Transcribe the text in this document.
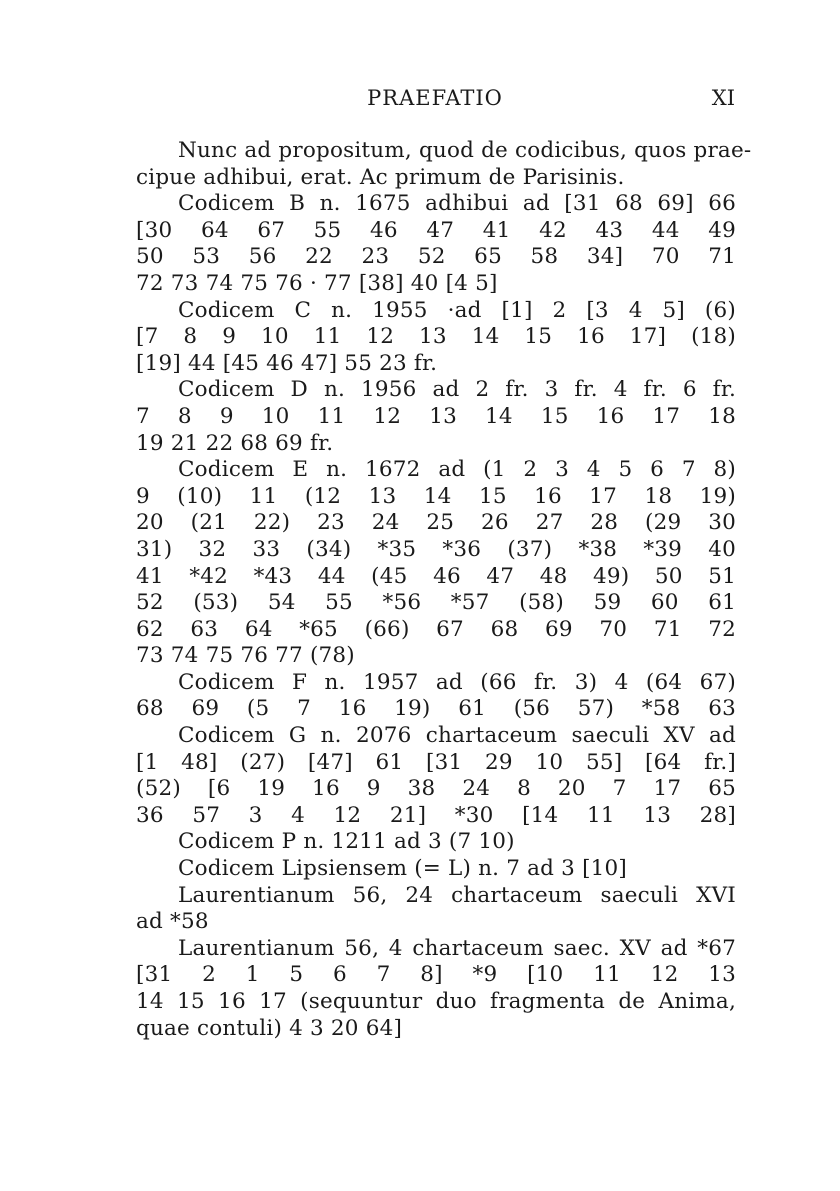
PRAEFATIO	XI
Nunc ad propositum, quod de codicibus, quos prae-
cipue adhibui, erat. Ac primum de Parisinis.
Codicem B n. 1675 adhibui ad [31 68 69] 66
[30 64 67 55 46 47 41 42 43 44 49
50 53 56 22 23 52 65 58 34] 70 71
72 73 74 75 76 · 77 [38] 40 [4 5]
Codicem C n. 1955 ·ad [1] 2 [3 4 5] (6)
[7 8 9 10 11 12 13 14 15 16 17] (18)
[19] 44 [45 46 47] 55 23 fr.
Codicem D n. 1956 ad 2 fr. 3 fr. 4 fr. 6 fr.
7 8 9 10 11 12 13 14 15 16 17 18
19 21 22 68 69 fr.
Codicem E n. 1672 ad (1 2 3 4 5 6 7 8)
9 (10) 11 (12 13 14 15 16 17 18 19)
20 (21 22) 23 24 25 26 27 28 (29 30
31) 32 33 (34) *35 *36 (37) *38 *39 40
41 *42 *43 44 (45 46 47 48 49) 50 51
52 (53) 54 55 *56 *57 (58) 59 60 61
62 63 64 *65 (66) 67 68 69 70 71 72
73 74 75 76 77 (78)
Codicem F n. 1957 ad (66 fr. 3) 4 (64 67)
68 69 (5 7 16 19) 61 (56 57) *58 63
Codicem G n. 2076 chartaceum saeculi XV ad
[1 48] (27) [47] 61 [31 29 10 55] [64 fr.]
(52) [6 19 16 9 38 24 8 20 7 17 65
36 57 3 4 12 21] *30 [14 11 13 28]
Codicem P n. 1211 ad 3 (7 10)
Codicem Lipsiensem (= L) n. 7 ad 3 [10]
Laurentianum 56, 24 chartaceum saeculi XVI
ad *58
Laurentianum 56, 4 chartaceum saec. XV ad *67
[31 2 1 5 6 7 8] *9 [10 11 12 13
14 15 16 17 (sequuntur duo fragmenta de Anima,
quae contuli) 4 3 20 64]
